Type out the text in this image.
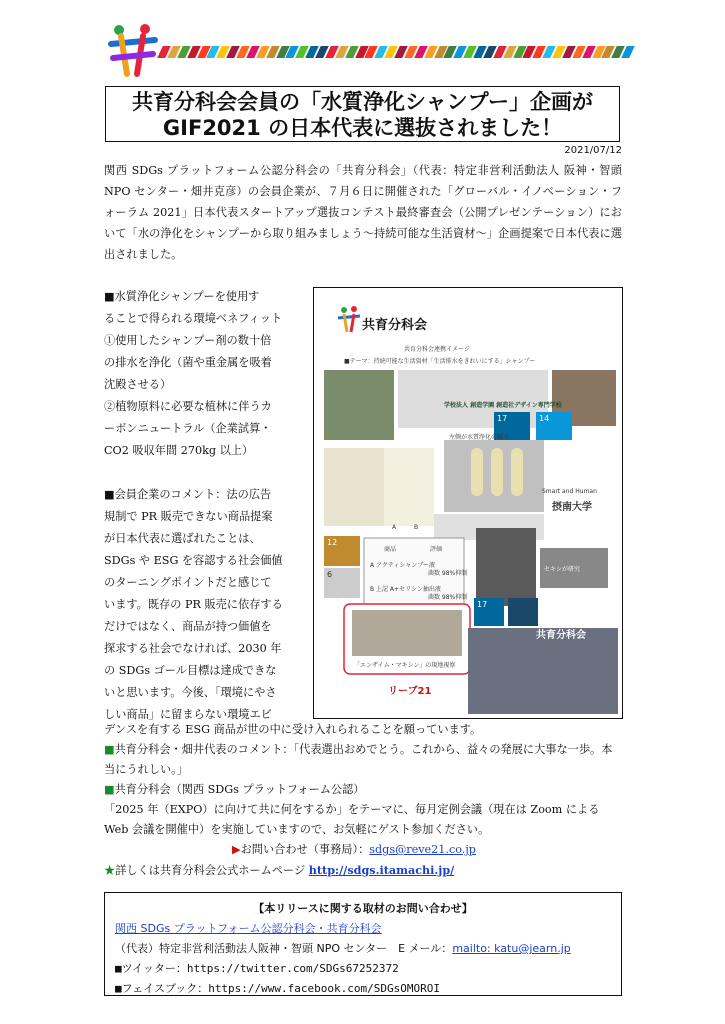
共育分科会会員の「水質浄化シャンプー」企画が
GIF2021 の日本代表に選抜されました！
2021/07/12
関西 SDGs プラットフォーム公認分科会の「共育分科会」（代表：特定非営利活動法人 阪神・智頭NPO センター・畑井克彦）の会員企業が、７月６日に開催された「グローバル・イノベーション・フォーラム 2021」日本代表スタートアップ選抜コンテスト最終審査会（公開プレゼンテーション）において「水の浄化をシャンプーから取り組みましょう〜持続可能な生活資材〜」企画提案で日本代表に選出されました。

■水質浄化シャンプーを使用す

ることで得られる環境ベネフィット

①使用したシャンプー剤の数十倍

の排水を浄化（菌や重金属を吸着

沈殿させる）

②植物原料に必要な植林に伴うカ

ーボンニュートラル（企業試算・

CO2 吸収年間 270kg 以上）

■会員企業のコメント：法の広告

規制で PR 販売できない商品提案

が日本代表に選ばれたことは、

SDGs や ESG を容認する社会価値

のターニングポイントだと感じて

います。既存の PR 販売に依存する

だけではなく、商品が持つ価値を

探求する社会でなければ、2030 年

の SDGs ゴール目標は達成できな

いと思います。今後、「環境にやさ

しい商品」に留まらない環境エビ

共育分科会
共育分科会連携イメージ
■テーマ：持続可能な生活資材「生活排水をきれいにする」シャンプー
学校法人 創造学園 創造社デザイン専門学校
左側が水質浄化の様子
A	B
Smart and Human
摂南大学
17	14
12
6
17
商品	評価
A アクティシャンプー液
菌数 98%抑制
B 上記 A+セリシン抽出液
菌数 98%抑制
セキシが研究
「エンザイム・マキシン」の現地視察
リーブ21
共育分科会

デンスを有する ESG 商品が世の中に受け入れられることを願っています。

■共育分科会・畑井代表のコメント：「代表選出おめでとう。これから、益々の発展に大事な一歩。本当にうれしい。」

■共育分科会（関西 SDGs プラットフォーム公認）

「2025 年（EXPO）に向けて共に何をするか」をテーマに、毎月定例会議（現在は Zoom による Web 会議を開催中）を実施していますので、お気軽にゲスト参加ください。

▶お問い合わせ（事務局）：sdgs@reve21.co.jp

★詳しくは共育分科会公式ホームページ http://sdgs.itamachi.jp/

【本リリースに関する取材のお問い合わせ】
関西 SDGs プラットフォーム公認分科会・共育分科会
（代表）特定非営利活動法人阪神・智頭 NPO センター　E メール：mailto: katu@jearn.jp
■ツイッター：https://twitter.com/SDGs67252372
■フェイスブック：https://www.facebook.com/SDGsOMOROI
